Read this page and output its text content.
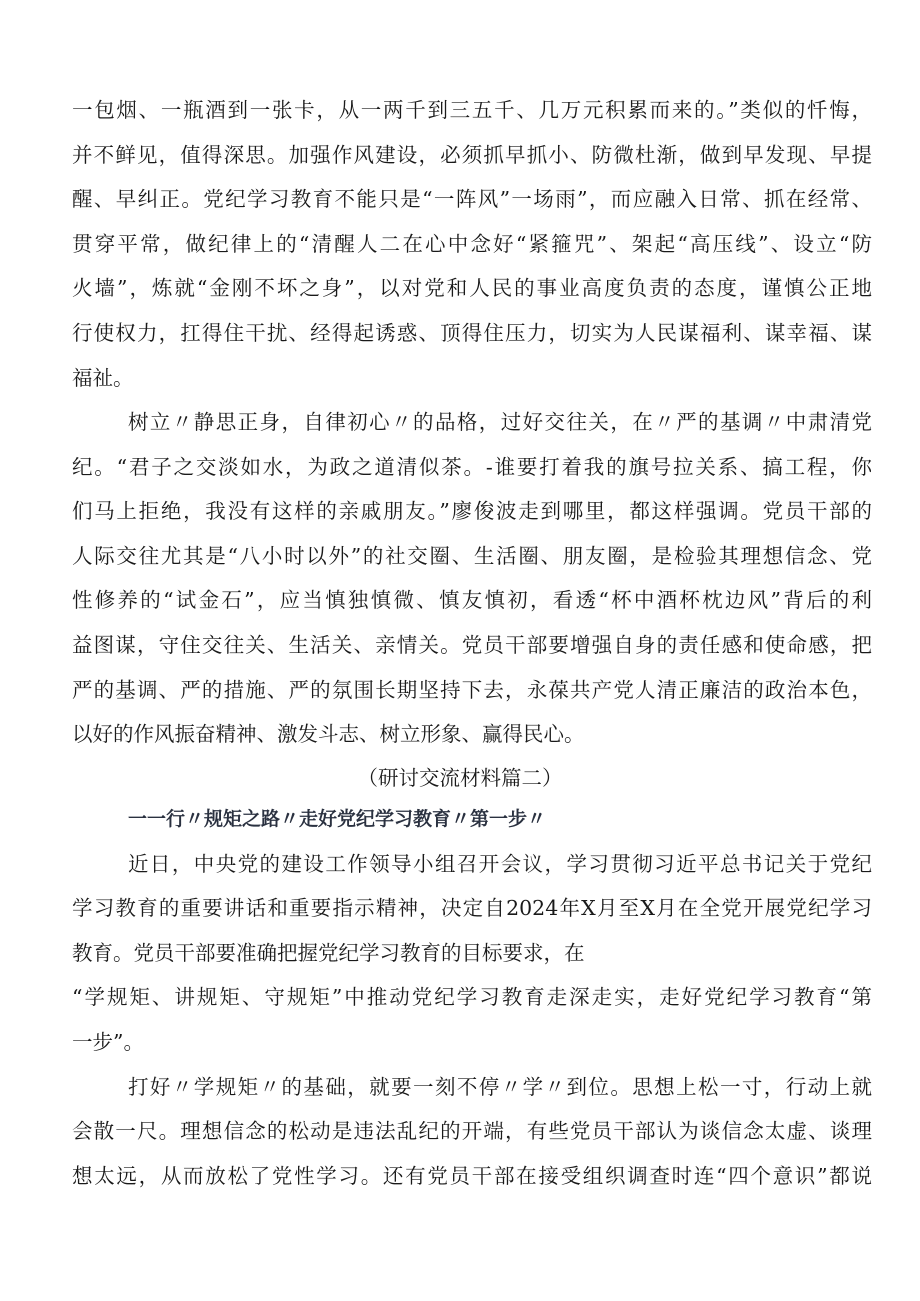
一包烟、一瓶酒到一张卡，从一两千到三五千、几万元积累而来的。”类似的忏悔，
并不鲜见，值得深思。加强作风建设，必须抓早抓小、防微杜渐，做到早发现、早提
醒、早纠正。党纪学习教育不能只是“一阵风”一场雨”，而应融入日常、抓在经常、
贯穿平常，做纪律上的“清醒人二在心中念好“紧箍咒”、架起“高压线”、设立“防
火墙”，炼就“金刚不坏之身”，以对党和人民的事业高度负责的态度，谨慎公正地
行使权力，扛得住干扰、经得起诱惑、顶得住压力，切实为人民谋福利、谋幸福、谋
福祉。
树立〃静思正身，自律初心〃的品格，过好交往关，在〃严的基调〃中肃清党
纪。“君子之交淡如水，为政之道清似茶。-谁要打着我的旗号拉关系、搞工程，你
们马上拒绝，我没有这样的亲戚朋友。”廖俊波走到哪里，都这样强调。党员干部的
人际交往尤其是“八小时以外”的社交圈、生活圈、朋友圈，是检验其理想信念、党
性修养的“试金石”，应当慎独慎微、慎友慎初，看透“杯中酒杯枕边风”背后的利
益图谋，守住交往关、生活关、亲情关。党员干部要增强自身的责任感和使命感，把
严的基调、严的措施、严的氛围长期坚持下去，永葆共产党人清正廉洁的政治本色，
以好的作风振奋精神、激发斗志、树立形象、赢得民心。
（研讨交流材料篇二）
一一行〃规矩之路〃走好党纪学习教育〃第一步〃
近日，中央党的建设工作领导小组召开会议，学习贯彻习近平总书记关于党纪
学习教育的重要讲话和重要指示精神，决定自2024年X月至X月在全党开展党纪学习
教育。党员干部要准确把握党纪学习教育的目标要求，在
“学规矩、讲规矩、守规矩”中推动党纪学习教育走深走实，走好党纪学习教育“第
一步”。
打好〃学规矩〃的基础，就要一刻不停〃学〃到位。思想上松一寸，行动上就
会散一尺。理想信念的松动是违法乱纪的开端，有些党员干部认为谈信念太虚、谈理
想太远，从而放松了党性学习。还有党员干部在接受组织调查时连“四个意识”都说
